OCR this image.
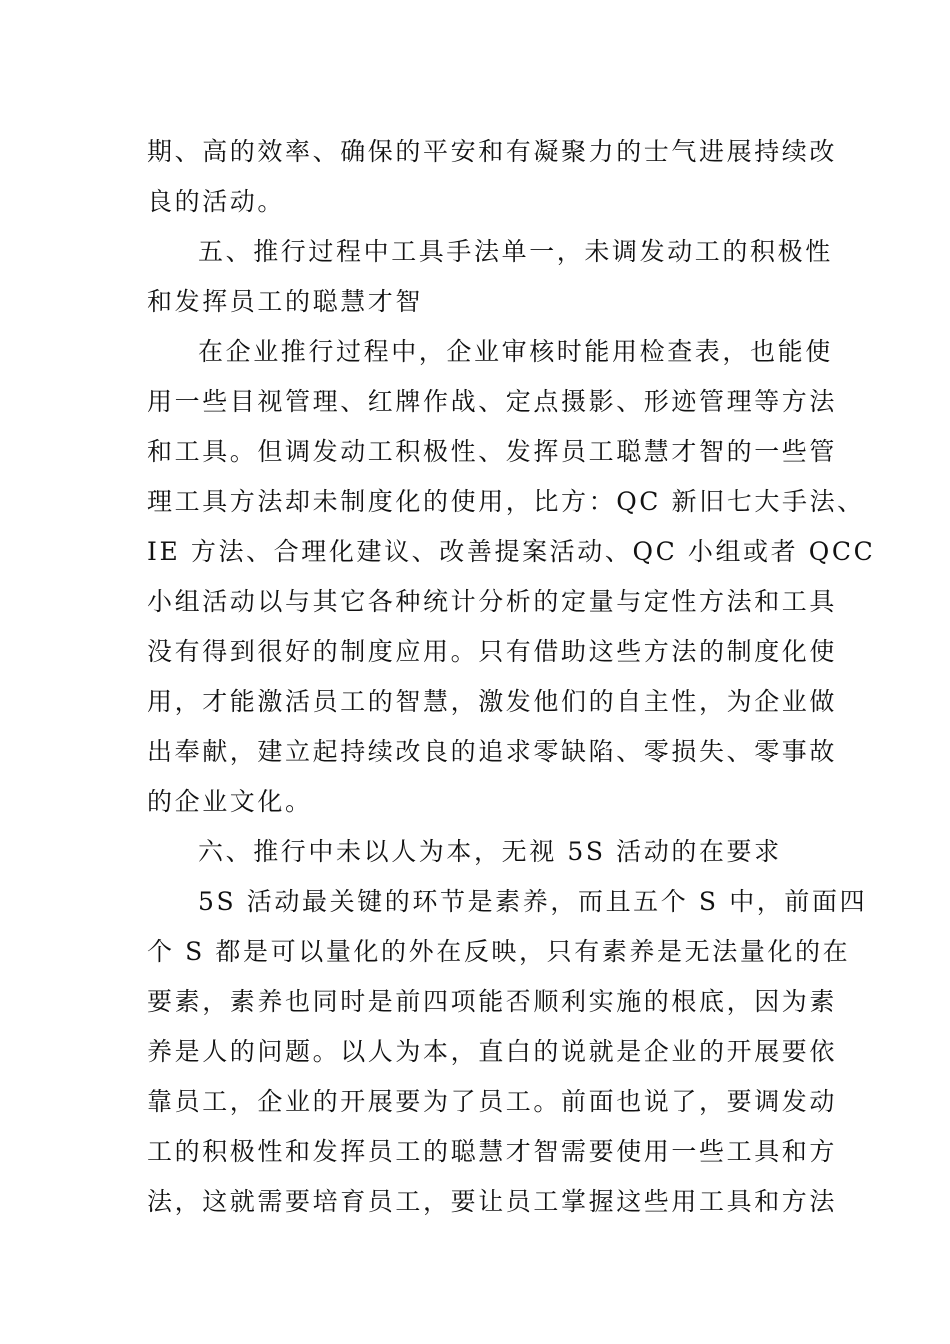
期、高的效率、确保的平安和有凝聚力的士气进展持续改
良的活动。
五、推行过程中工具手法单一，未调发动工的积极性
和发挥员工的聪慧才智
在企业推行过程中，企业审核时能用检查表，也能使
用一些目视管理、红牌作战、定点摄影、形迹管理等方法
和工具。但调发动工积极性、发挥员工聪慧才智的一些管
理工具方法却未制度化的使用，比方：QC 新旧七大手法、
IE 方法、合理化建议、改善提案活动、QC 小组或者 QCC
小组活动以与其它各种统计分析的定量与定性方法和工具
没有得到很好的制度应用。只有借助这些方法的制度化使
用，才能激活员工的智慧，激发他们的自主性，为企业做
出奉献，建立起持续改良的追求零缺陷、零损失、零事故
的企业文化。
六、推行中未以人为本，无视 5S 活动的在要求
5S 活动最关键的环节是素养，而且五个 S 中，前面四
个 S 都是可以量化的外在反映，只有素养是无法量化的在
要素，素养也同时是前四项能否顺利实施的根底，因为素
养是人的问题。以人为本，直白的说就是企业的开展要依
靠员工，企业的开展要为了员工。前面也说了，要调发动
工的积极性和发挥员工的聪慧才智需要使用一些工具和方
法，这就需要培育员工，要让员工掌握这些用工具和方法
